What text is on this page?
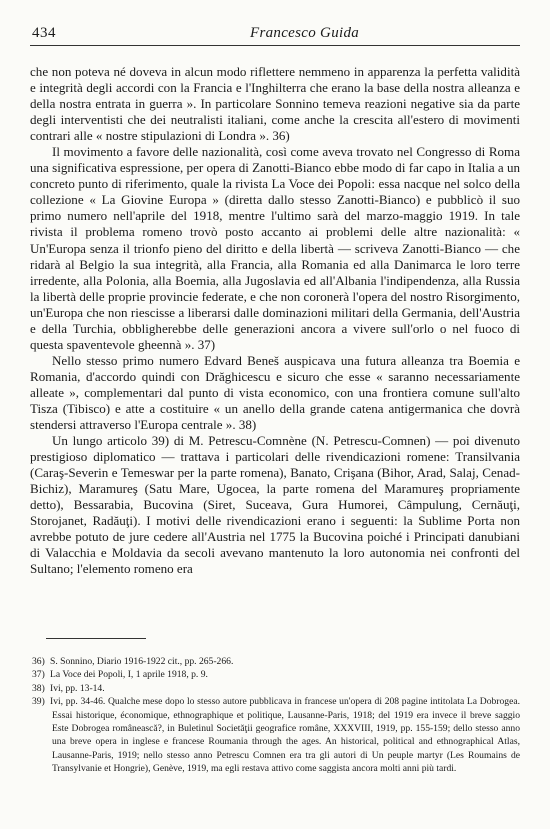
434	Francesco Guida

che non poteva né doveva in alcun modo riflettere nemmeno in apparenza la perfetta validità e integrità degli accordi con la Francia e l'Inghilterra che erano la base della nostra alleanza e della nostra entrata in guerra ». In particolare Sonnino temeva reazioni negative sia da parte degli interventisti che dei neutralisti italiani, come anche la crescita all'estero di movimenti contrari alle « nostre stipulazioni di Londra ». 36)

Il movimento a favore delle nazionalità, così come aveva trovato nel Congresso di Roma una significativa espressione, per opera di Zanotti-Bianco ebbe modo di far capo in Italia a un concreto punto di riferimento, quale la rivista La Voce dei Popoli: essa nacque nel solco della collezione « La Giovine Europa » (diretta dallo stesso Zanotti-Bianco) e pubblicò il suo primo numero nell'aprile del 1918, mentre l'ultimo sarà del marzo-maggio 1919. In tale rivista il problema romeno trovò posto accanto ai problemi delle altre nazionalità: « Un'Europa senza il trionfo pieno del diritto e della libertà — scriveva Zanotti-Bianco — che ridarà al Belgio la sua integrità, alla Francia, alla Romania ed alla Danimarca le loro terre irredente, alla Polonia, alla Boemia, alla Jugoslavia ed all'Albania l'indipendenza, alla Russia la libertà delle proprie provincie federate, e che non coronerà l'opera del nostro Risorgimento, un'Europa che non riescisse a liberarsi dalle dominazioni militari della Germania, dell'Austria e della Turchia, obbligherebbe delle generazioni ancora a vivere sull'orlo o nel fuoco di questa spaventevole gheennà ». 37)

Nello stesso primo numero Edvard Beneš auspicava una futura alleanza tra Boemia e Romania, d'accordo quindi con Drăghicescu e sicuro che esse « saranno necessariamente alleate », complementari dal punto di vista economico, con una frontiera comune sull'alto Tisza (Tibisco) e atte a costituire « un anello della grande catena antigermanica che dovrà stendersi attraverso l'Europa centrale ». 38)

Un lungo articolo 39) di M. Petrescu-Comnène (N. Petrescu-Comnen) — poi divenuto prestigioso diplomatico — trattava i particolari delle rivendicazioni romene: Transilvania (Caraş-Severin e Temeswar per la parte romena), Banato, Crişana (Bihor, Arad, Salaj, Cenad-Bichiz), Maramureş (Satu Mare, Ugocea, la parte romena del Maramureş propriamente detto), Bessarabia, Bucovina (Siret, Suceava, Gura Humorei, Câmpulung, Cernăuţi, Storojanet, Radăuţi). I motivi delle rivendicazioni erano i seguenti: la Sublime Porta non avrebbe potuto de jure cedere all'Austria nel 1775 la Bucovina poiché i Principati danubiani di Valacchia e Moldavia da secoli avevano mantenuto la loro autonomia nei confronti del Sultano; l'elemento romeno era

36) S. Sonnino, Diario 1916-1922 cit., pp. 265-266.

37) La Voce dei Popoli, I, 1 aprile 1918, p. 9.

38) Ivi, pp. 13-14.

39) Ivi, pp. 34-46. Qualche mese dopo lo stesso autore pubblicava in francese un'opera di 208 pagine intitolata La Dobrogea. Essai historique, économique, ethnographique et politique, Lausanne-Paris, 1918; del 1919 era invece il breve saggio Este Dobrogea românească?, in Buletinul Societăţii geografice române, XXXVIII, 1919, pp. 155-159; dello stesso anno una breve opera in inglese e francese Roumania through the ages. An historical, political and ethnographical Atlas, Lausanne-Paris, 1919; nello stesso anno Petrescu Comnen era tra gli autori di Un peuple martyr (Les Roumains de Transylvanie et Hongrie), Genève, 1919, ma egli restava attivo come saggista ancora molti anni più tardi.
